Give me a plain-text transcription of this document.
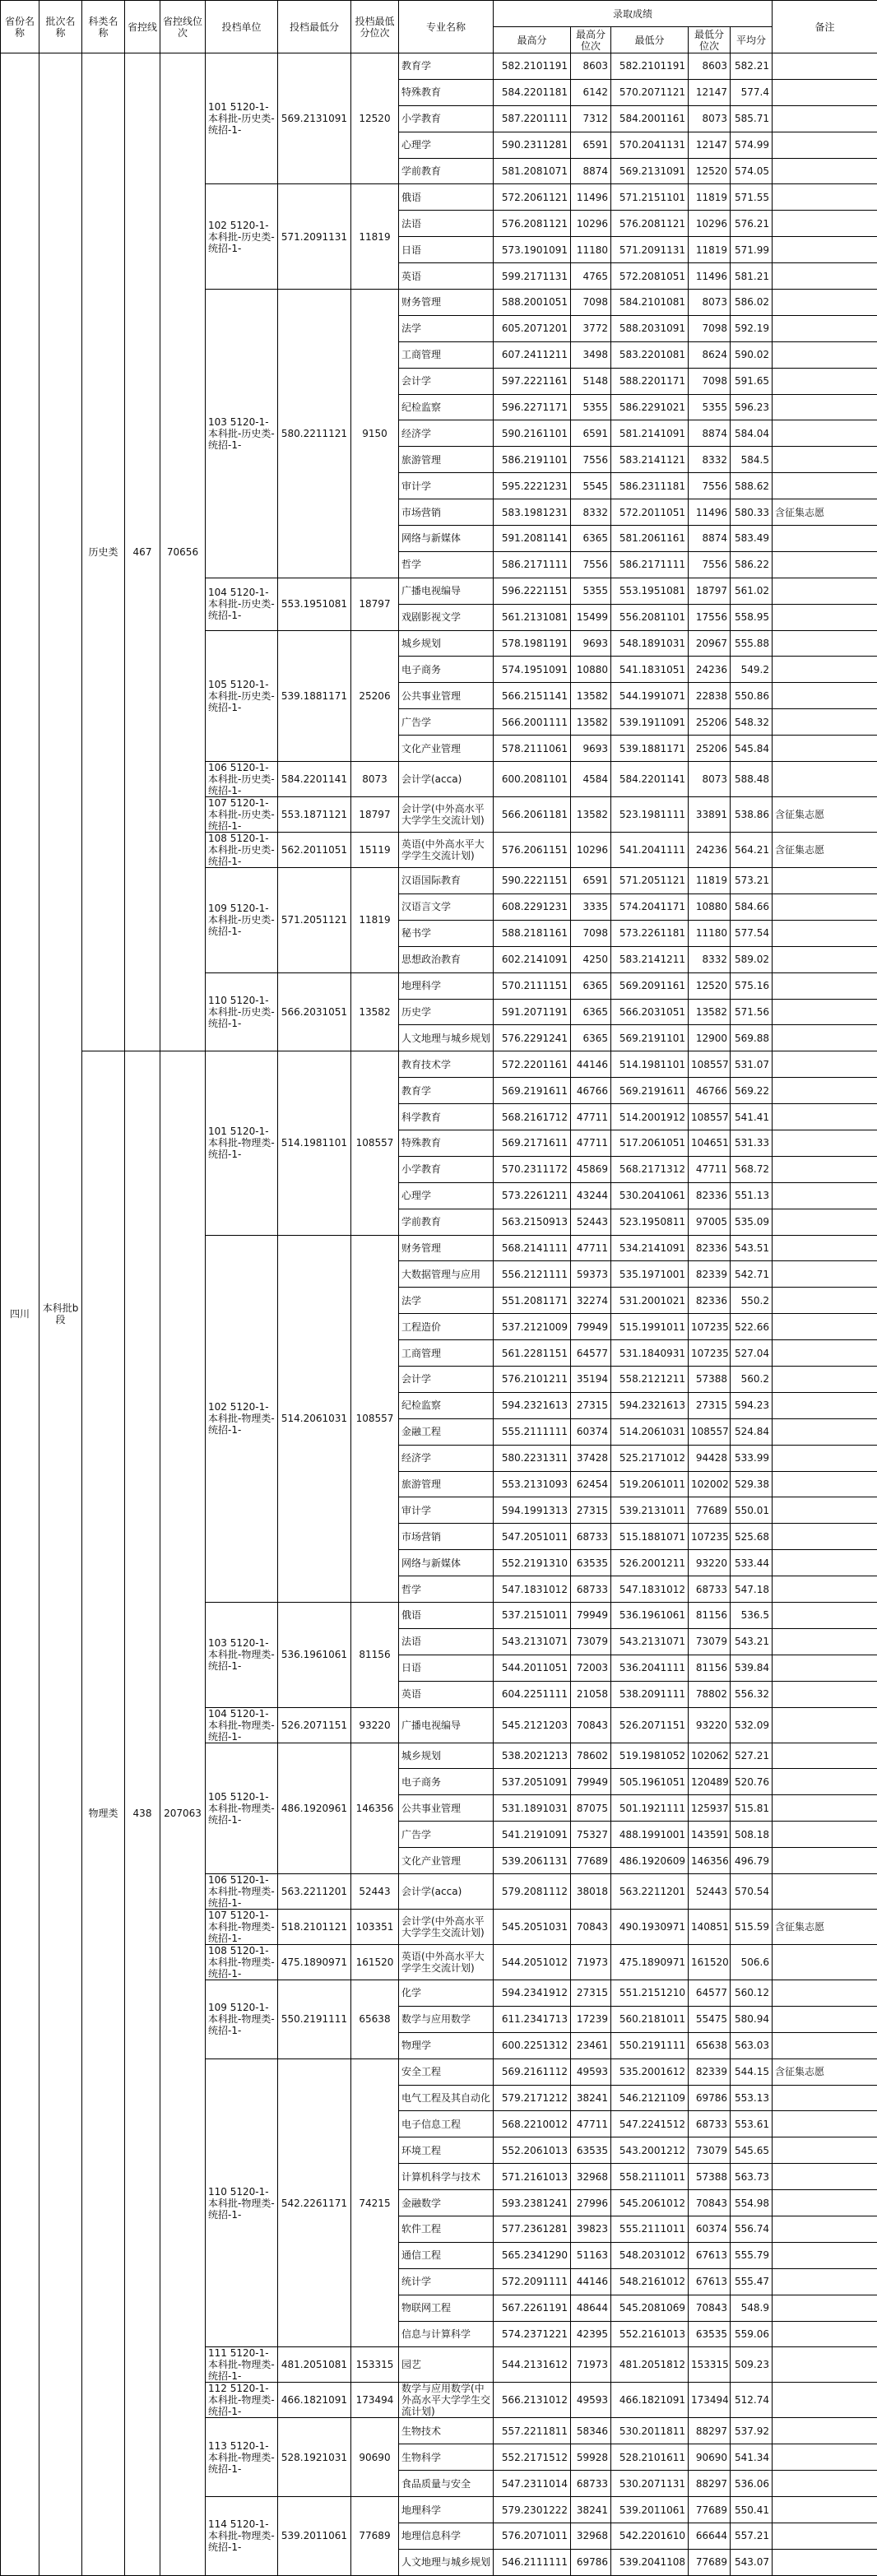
省份名称	批次名称	科类名称	省控线	省控线位次	投档单位	投档最低分	投档最低分位次	专业名称	录取成绩					备注
									最高分	最高分位次	最低分	最低分位次	平均分	
四川	本科批b段	历史类	467	70656	101 5120-1-本科批-历史类-统招-1-	569.2131091	12520	教育学	582.2101191	8603	582.2101191	8603	582.21	
								特殊教育	584.2201181	6142	570.2071121	12147	577.4	
								小学教育	587.2201111	7312	584.2001161	8073	585.71	
								心理学	590.2311281	6591	570.2041131	12147	574.99	
								学前教育	581.2081071	8874	569.2131091	12520	574.05	
					102 5120-1-本科批-历史类-统招-1-	571.2091131	11819	俄语	572.2061121	11496	571.2151101	11819	571.55	
								法语	576.2081121	10296	576.2081121	10296	576.21	
								日语	573.1901091	11180	571.2091131	11819	571.99	
								英语	599.2171131	4765	572.2081051	11496	581.21	
					103 5120-1-本科批-历史类-统招-1-	580.2211121	9150	财务管理	588.2001051	7098	584.2101081	8073	586.02	
								法学	605.2071201	3772	588.2031091	7098	592.19	
								工商管理	607.2411211	3498	583.2201081	8624	590.02	
								会计学	597.2221161	5148	588.2201171	7098	591.65	
								纪检监察	596.2271171	5355	586.2291021	5355	596.23	
								经济学	590.2161101	6591	581.2141091	8874	584.04	
								旅游管理	586.2191101	7556	583.2141121	8332	584.5	
								审计学	595.2221231	5545	586.2311181	7556	588.62	
								市场营销	583.1981231	8332	572.2011051	11496	580.33	含征集志愿
								网络与新媒体	591.2081141	6365	581.2061161	8874	583.49	
								哲学	586.2171111	7556	586.2171111	7556	586.22	
					104 5120-1-本科批-历史类-统招-1-	553.1951081	18797	广播电视编导	596.2221151	5355	553.1951081	18797	561.02	
								戏剧影视文学	561.2131081	15499	556.2081101	17556	558.95	
					105 5120-1-本科批-历史类-统招-1-	539.1881171	25206	城乡规划	578.1981191	9693	548.1891031	20967	555.88	
								电子商务	574.1951091	10880	541.1831051	24236	549.2	
								公共事业管理	566.2151141	13582	544.1991071	22838	550.86	
								广告学	566.2001111	13582	539.1911091	25206	548.32	
								文化产业管理	578.2111061	9693	539.1881171	25206	545.84	
					106 5120-1-本科批-历史类-统招-1-	584.2201141	8073	会计学(acca)	600.2081101	4584	584.2201141	8073	588.48	
					107 5120-1-本科批-历史类-统招-1-	553.1871121	18797	会计学(中外高水平大学学生交流计划)	566.2061181	13582	523.1981111	33891	538.86	含征集志愿
					108 5120-1-本科批-历史类-统招-1-	562.2011051	15119	英语(中外高水平大学学生交流计划)	576.2061151	10296	541.2041111	24236	564.21	含征集志愿
					109 5120-1-本科批-历史类-统招-1-	571.2051121	11819	汉语国际教育	590.2221151	6591	571.2051121	11819	573.21	
								汉语言文学	608.2291231	3335	574.2041171	10880	584.66	
								秘书学	588.2181161	7098	573.2261181	11180	577.54	
								思想政治教育	602.2141091	4250	583.2141211	8332	589.02	
					110 5120-1-本科批-历史类-统招-1-	566.2031051	13582	地理科学	570.2111151	6365	569.2091161	12520	575.16	
								历史学	591.2071191	6365	566.2031051	13582	571.56	
								人文地理与城乡规划	576.2291241	6365	569.2191101	12900	569.88	
		物理类	438	207063	101 5120-1-本科批-物理类-统招-1-	514.1981101	108557	教育技术学	572.2201161	44146	514.1981101	108557	531.07	
								教育学	569.2191611	46766	569.2191611	46766	569.22	
								科学教育	568.2161712	47711	514.2001912	108557	541.41	
								特殊教育	569.2171611	47711	517.2061051	104651	531.33	
								小学教育	570.2311172	45869	568.2171312	47711	568.72	
								心理学	573.2261211	43244	530.2041061	82336	551.13	
								学前教育	563.2150913	52443	523.1950811	97005	535.09	
					102 5120-1-本科批-物理类-统招-1-	514.2061031	108557	财务管理	568.2141111	47711	534.2141091	82336	543.51	
								大数据管理与应用	556.2121111	59373	535.1971001	82339	542.71	
								法学	551.2081171	32274	531.2001021	82336	550.2	
								工程造价	537.2121009	79949	515.1991011	107235	522.66	
								工商管理	561.2281151	64577	531.1840931	107235	527.04	
								会计学	576.2101211	35194	558.2121211	57388	560.2	
								纪检监察	594.2321613	27315	594.2321613	27315	594.23	
								金融工程	555.2111111	60374	514.2061031	108557	524.84	
								经济学	580.2231311	37428	525.2171012	94428	533.99	
								旅游管理	553.2131093	62454	519.2061011	102002	529.38	
								审计学	594.1991313	27315	539.2131011	77689	550.01	
								市场营销	547.2051011	68733	515.1881071	107235	525.68	
								网络与新媒体	552.2191310	63535	526.2001211	93220	533.44	
								哲学	547.1831012	68733	547.1831012	68733	547.18	
					103 5120-1-本科批-物理类-统招-1-	536.1961061	81156	俄语	537.2151011	79949	536.1961061	81156	536.5	
								法语	543.2131071	73079	543.2131071	73079	543.21	
								日语	544.2011051	72003	536.2041111	81156	539.84	
								英语	604.2251111	21058	538.2091111	78802	556.32	
					104 5120-1-本科批-物理类-统招-1-	526.2071151	93220	广播电视编导	545.2121203	70843	526.2071151	93220	532.09	
					105 5120-1-本科批-物理类-统招-1-	486.1920961	146356	城乡规划	538.2021213	78602	519.1981052	102062	527.21	
								电子商务	537.2051091	79949	505.1961051	120489	520.76	
								公共事业管理	531.1891031	87075	501.1921111	125937	515.81	
								广告学	541.2191091	75327	488.1991001	143591	508.18	
								文化产业管理	539.2061131	77689	486.1920609	146356	496.79	
					106 5120-1-本科批-物理类-统招-1-	563.2211201	52443	会计学(acca)	579.2081112	38018	563.2211201	52443	570.54	
					107 5120-1-本科批-物理类-统招-1-	518.2101121	103351	会计学(中外高水平大学学生交流计划)	545.2051031	70843	490.1930971	140851	515.59	含征集志愿
					108 5120-1-本科批-物理类-统招-1-	475.1890971	161520	英语(中外高水平大学学生交流计划)	544.2051012	71973	475.1890971	161520	506.6	
					109 5120-1-本科批-物理类-统招-1-	550.2191111	65638	化学	594.2341912	27315	551.2151210	64577	560.12	
								数学与应用数学	611.2341713	17239	560.2181011	55475	580.94	
								物理学	600.2251312	23461	550.2191111	65638	563.03	
					110 5120-1-本科批-物理类-统招-1-	542.2261171	74215	安全工程	569.2161112	49593	535.2001612	82339	544.15	含征集志愿
								电气工程及其自动化	579.2171212	38241	546.2121109	69786	553.13	
								电子信息工程	568.2210012	47711	547.2241512	68733	553.61	
								环境工程	552.2061013	63535	543.2001212	73079	545.65	
								计算机科学与技术	571.2161013	32968	558.2111011	57388	563.73	
								金融数学	593.2381241	27996	545.2061012	70843	554.98	
								软件工程	577.2361281	39823	555.2111011	60374	556.74	
								通信工程	565.2341290	51163	548.2031012	67613	555.79	
								统计学	572.2091111	44146	548.2161012	67613	555.47	
								物联网工程	567.2261191	48644	545.2081069	70843	548.9	
								信息与计算科学	574.2371221	42395	552.2161013	63535	559.06	
					111 5120-1-本科批-物理类-统招-1-	481.2051081	153315	园艺	544.2131612	71973	481.2051812	153315	509.23	
					112 5120-1-本科批-物理类-统招-1-	466.1821091	173494	数学与应用数学(中外高水平大学学生交流计划)	566.2131012	49593	466.1821091	173494	512.74	
					113 5120-1-本科批-物理类-统招-1-	528.1921031	90690	生物技术	557.2211811	58346	530.2011811	88297	537.92	
								生物科学	552.2171512	59928	528.2101611	90690	541.34	
								食品质量与安全	547.2311014	68733	530.2071131	88297	536.06	
					114 5120-1-本科批-物理类-统招-1-	539.2011061	77689	地理科学	579.2301222	38241	539.2011061	77689	550.41	
								地理信息科学	576.2071011	32968	542.2201610	66644	557.21	
								人文地理与城乡规划	546.2111111	69786	539.2041108	77689	543.07	
